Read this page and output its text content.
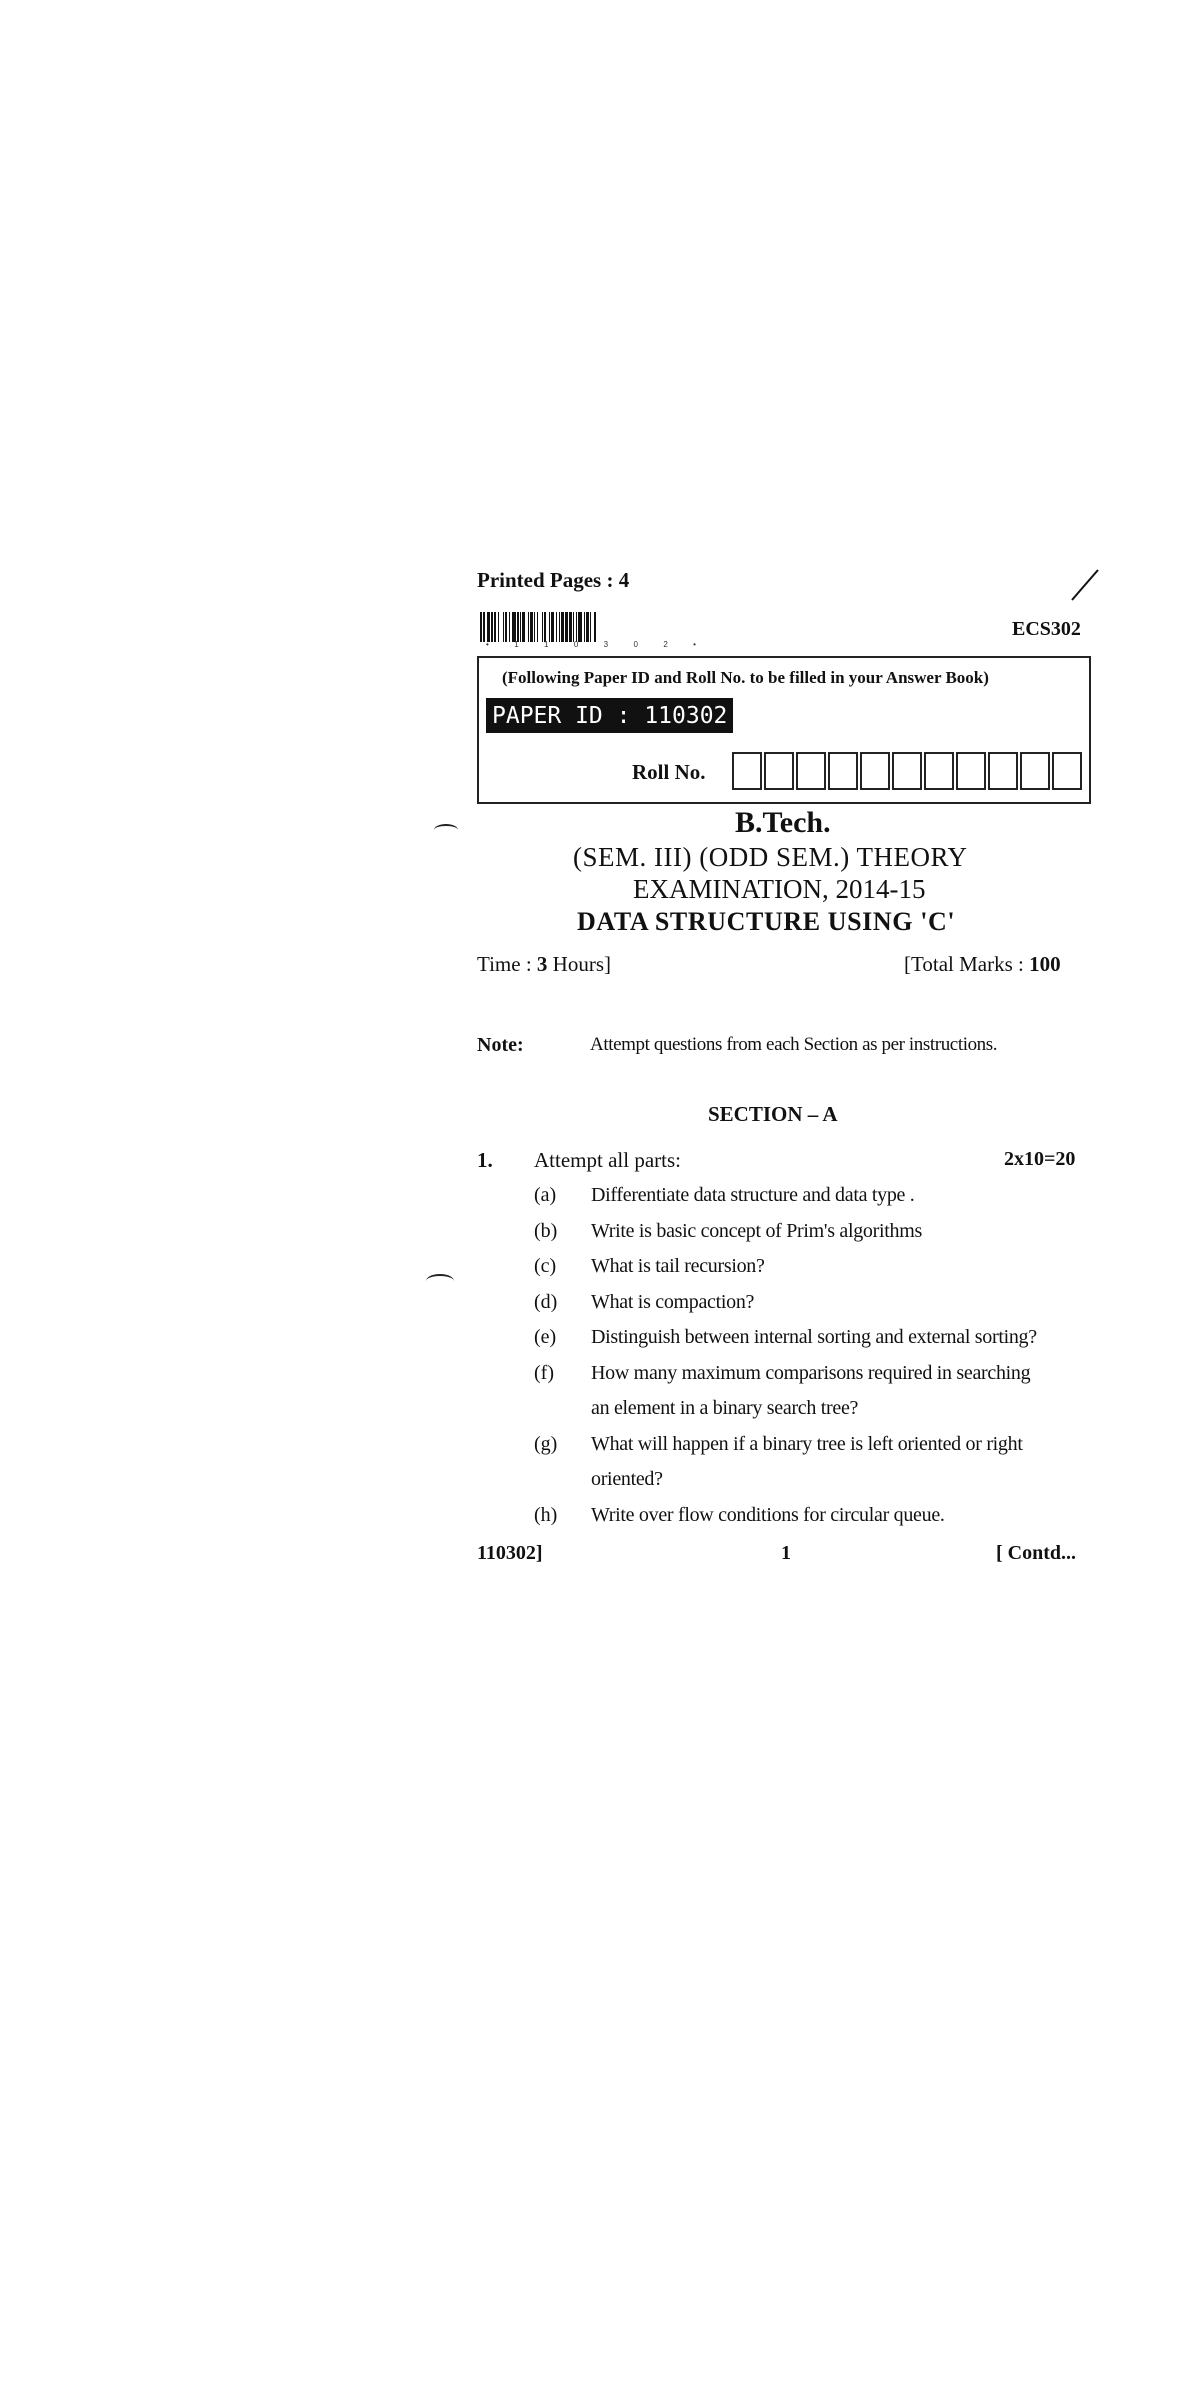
Printed Pages : 4
•	1	1	0	3	0	2	•
ECS302
(Following Paper ID and Roll No. to be filled in your Answer Book)
PAPER ID : 110302
Roll No.
B.Tech.
(SEM. III) (ODD SEM.) THEORY
EXAMINATION, 2014-15
DATA STRUCTURE USING 'C'
Time : 3 Hours]	[Total Marks : 100
Note:	Attempt questions from each Section as per instructions.
SECTION – A
1. Attempt all parts:	2x10=20
(a) Differentiate data structure and data type .
(b) Write is basic concept of Prim's algorithms
(c) What is tail recursion?
(d) What is compaction?
(e) Distinguish between internal sorting and external sorting?
(f) How many maximum comparisons required in searching
an element in a binary search tree?
(g) What will happen if a binary tree is left oriented or right
oriented?
(h) Write over flow conditions for circular queue.
110302]	1	[ Contd...
